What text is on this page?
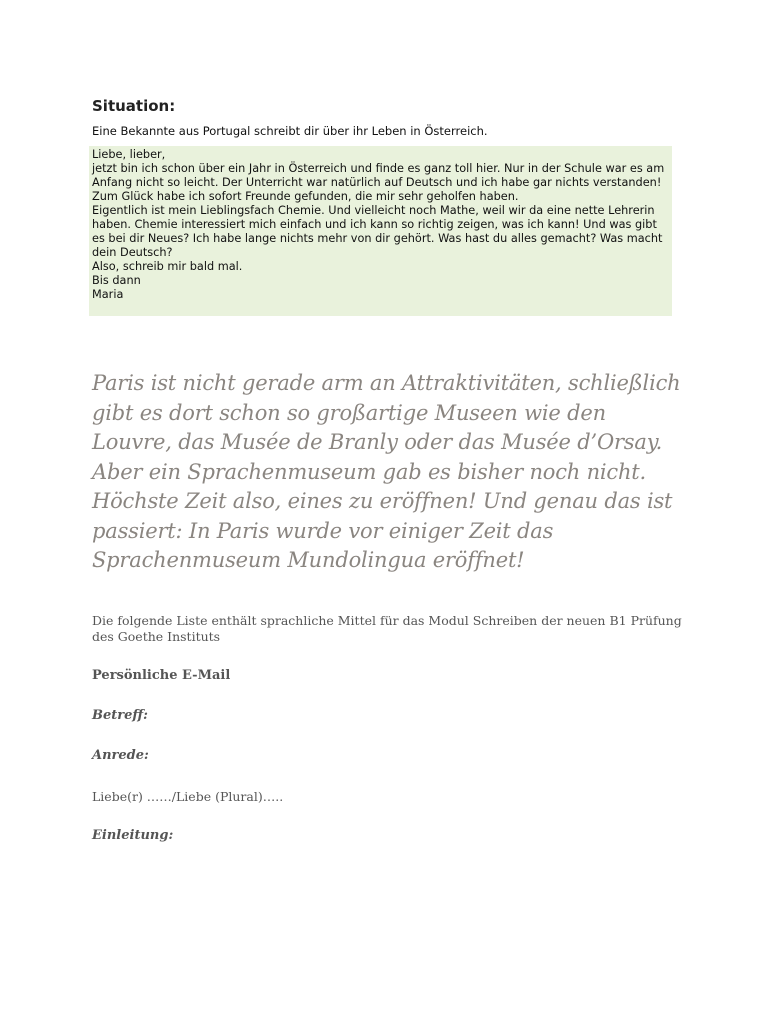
Situation:

Eine Bekannte aus Portugal schreibt dir über ihr Leben in Österreich.

Liebe, lieber,

jetzt bin ich schon über ein Jahr in Österreich und finde es ganz toll hier. Nur in der Schule war es am Anfang nicht so leicht. Der Unterricht war natürlich auf Deutsch und ich habe gar nichts verstanden! Zum Glück habe ich sofort Freunde gefunden, die mir sehr geholfen haben.

Eigentlich ist mein Lieblingsfach Chemie. Und vielleicht noch Mathe, weil wir da eine nette Lehrerin haben. Chemie interessiert mich einfach und ich kann so richtig zeigen, was ich kann! Und was gibt es bei dir Neues? Ich habe lange nichts mehr von dir gehört. Was hast du alles gemacht? Was macht dein Deutsch?

Also, schreib mir bald mal.

Bis dann

Maria

Paris ist nicht gerade arm an Attraktivitäten, schließlich gibt es dort schon so großartige Museen wie den Louvre, das Musée de Branly oder das Musée d’Orsay. Aber ein Sprachenmuseum gab es bisher noch nicht. Höchste Zeit also, eines zu eröffnen! Und genau das ist passiert: In Paris wurde vor einiger Zeit das Sprachenmuseum Mundolingua eröffnet!

Die folgende Liste enthält sprachliche Mittel für das Modul Schreiben der neuen B1 Prüfung des Goethe Instituts

Persönliche E-Mail
Betreff:
Anrede:

Liebe(r) ……/Liebe (Plural)…..

Einleitung:
